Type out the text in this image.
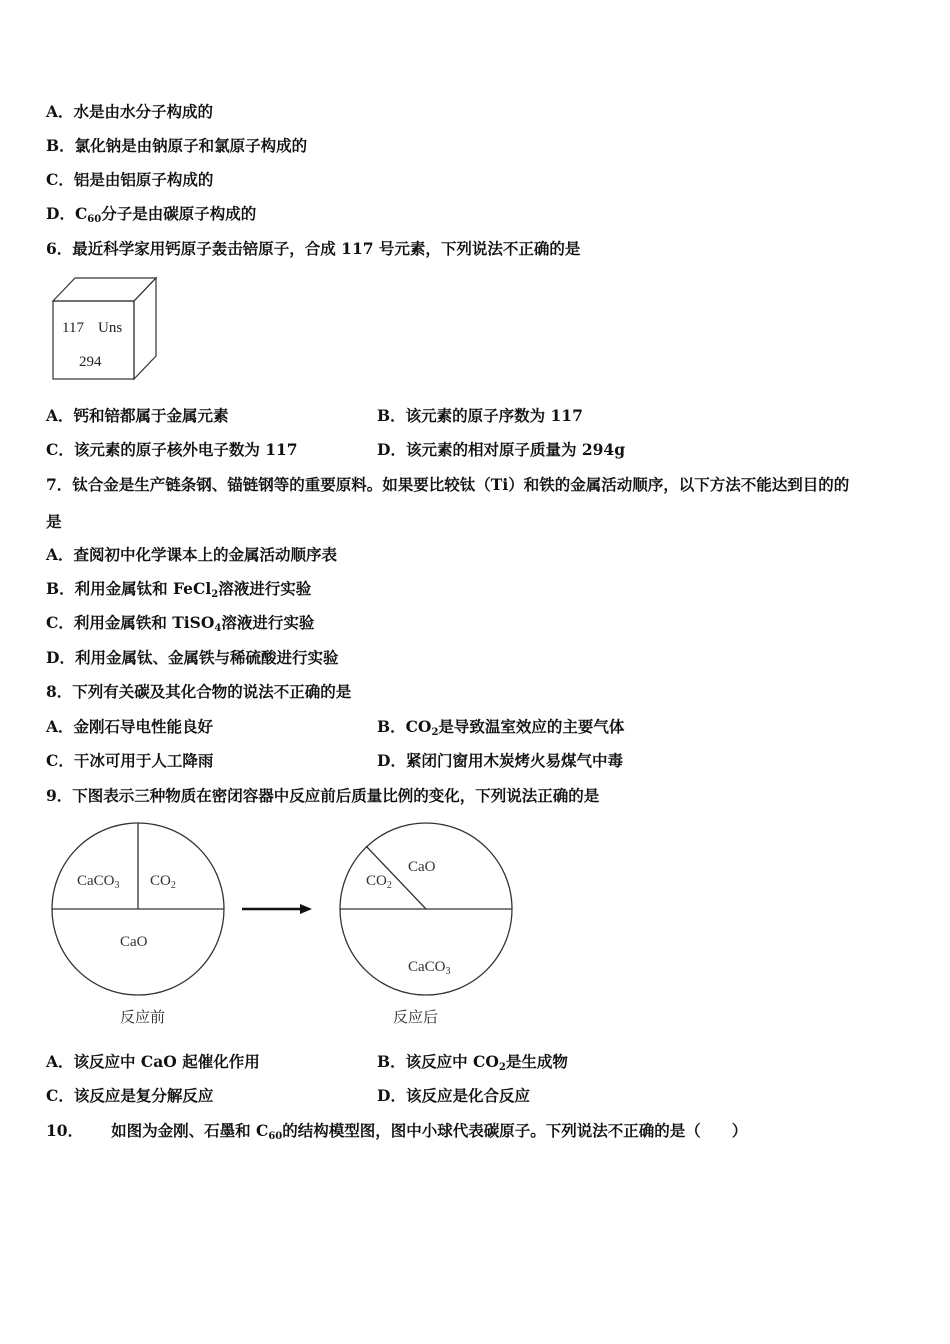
A．水是由水分子构成的
B．氯化钠是由钠原子和氯原子构成的
C．铝是由铝原子构成的
D．C60分子是由碳原子构成的
6．最近科学家用钙原子轰击锫原子，合成 117 号元素，下列说法不正确的是
117 Uns
294
A．钙和锫都属于金属元素	B．该元素的原子序数为 117
C．该元素的原子核外电子数为 117	D．该元素的相对原子质量为 294g
7．钛合金是生产链条钢、锚链钢等的重要原料。如果要比较钛（Ti）和铁的金属活动顺序，以下方法不能达到目的的
是
A．查阅初中化学课本上的金属活动顺序表
B．利用金属钛和 FeCl2溶液进行实验
C．利用金属铁和 TiSO4溶液进行实验
D．利用金属钛、金属铁与稀硫酸进行实验
8．下列有关碳及其化合物的说法不正确的是
A．金刚石导电性能良好	B．CO2是导致温室效应的主要气体
C．干冰可用于人工降雨	D．紧闭门窗用木炭烤火易煤气中毒
9．下图表示三种物质在密闭容器中反应前后质量比例的变化，下列说法正确的是
CaCO$_3$ $CO_2$
CaO
CaO
$CO_2$
CaCO$_3$
反应前	反应后
A．该反应中 CaO 起催化作用	B．该反应中 CO2是生成物
C．该反应是复分解反应	D．该反应是化合反应
10． 如图为金刚、石墨和 C60的结构模型图，图中小球代表碳原子。下列说法不正确的是（　　）
